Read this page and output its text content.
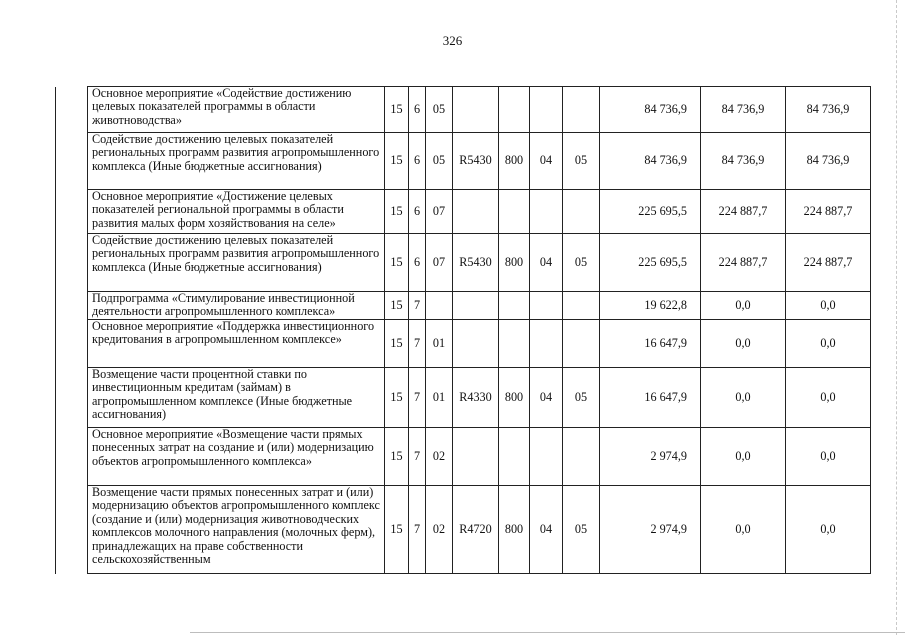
326
	Основное мероприятие «Содействие достижению целевых показателей программы в области животноводства»	15	6	05					84 736,9	84 736,9	84 736,9
	Содействие достижению целевых показателей региональных программ развития агропромышленного комплекса (Иные бюджетные ассигнования)	15	6	05	R5430	800	04	05	84 736,9	84 736,9	84 736,9
	Основное мероприятие «Достижение целевых показателей региональной программы в области развития малых форм хозяйствования на селе»	15	6	07					225 695,5	224 887,7	224 887,7
	Содействие достижению целевых показателей региональных программ развития агропромышленного комплекса (Иные бюджетные ассигнования)	15	6	07	R5430	800	04	05	225 695,5	224 887,7	224 887,7
	Подпрограмма «Стимулирование инвестиционной деятельности агропромышленного комплекса»	15	7						19 622,8	0,0	0,0
	Основное мероприятие «Поддержка инвестиционного кредитования в агропромышленном комплексе»	15	7	01					16 647,9	0,0	0,0
	Возмещение части процентной ставки по инвестиционным кредитам (займам) в агропромышленном комплексе (Иные бюджетные ассигнования)	15	7	01	R4330	800	04	05	16 647,9	0,0	0,0
	Основное мероприятие «Возмещение части прямых понесенных затрат на создание и (или) модернизацию объектов агропромышленного комплекса»	15	7	02					2 974,9	0,0	0,0
	Возмещение части прямых понесенных затрат и (или) модернизацию объектов агропромышленного комплекс (создание и (или) модернизация животноводческих комплексов молочного направления (молочных ферм), принадлежащих на праве собственности сельскохозяйственным	15	7	02	R4720	800	04	05	2 974,9	0,0	0,0
